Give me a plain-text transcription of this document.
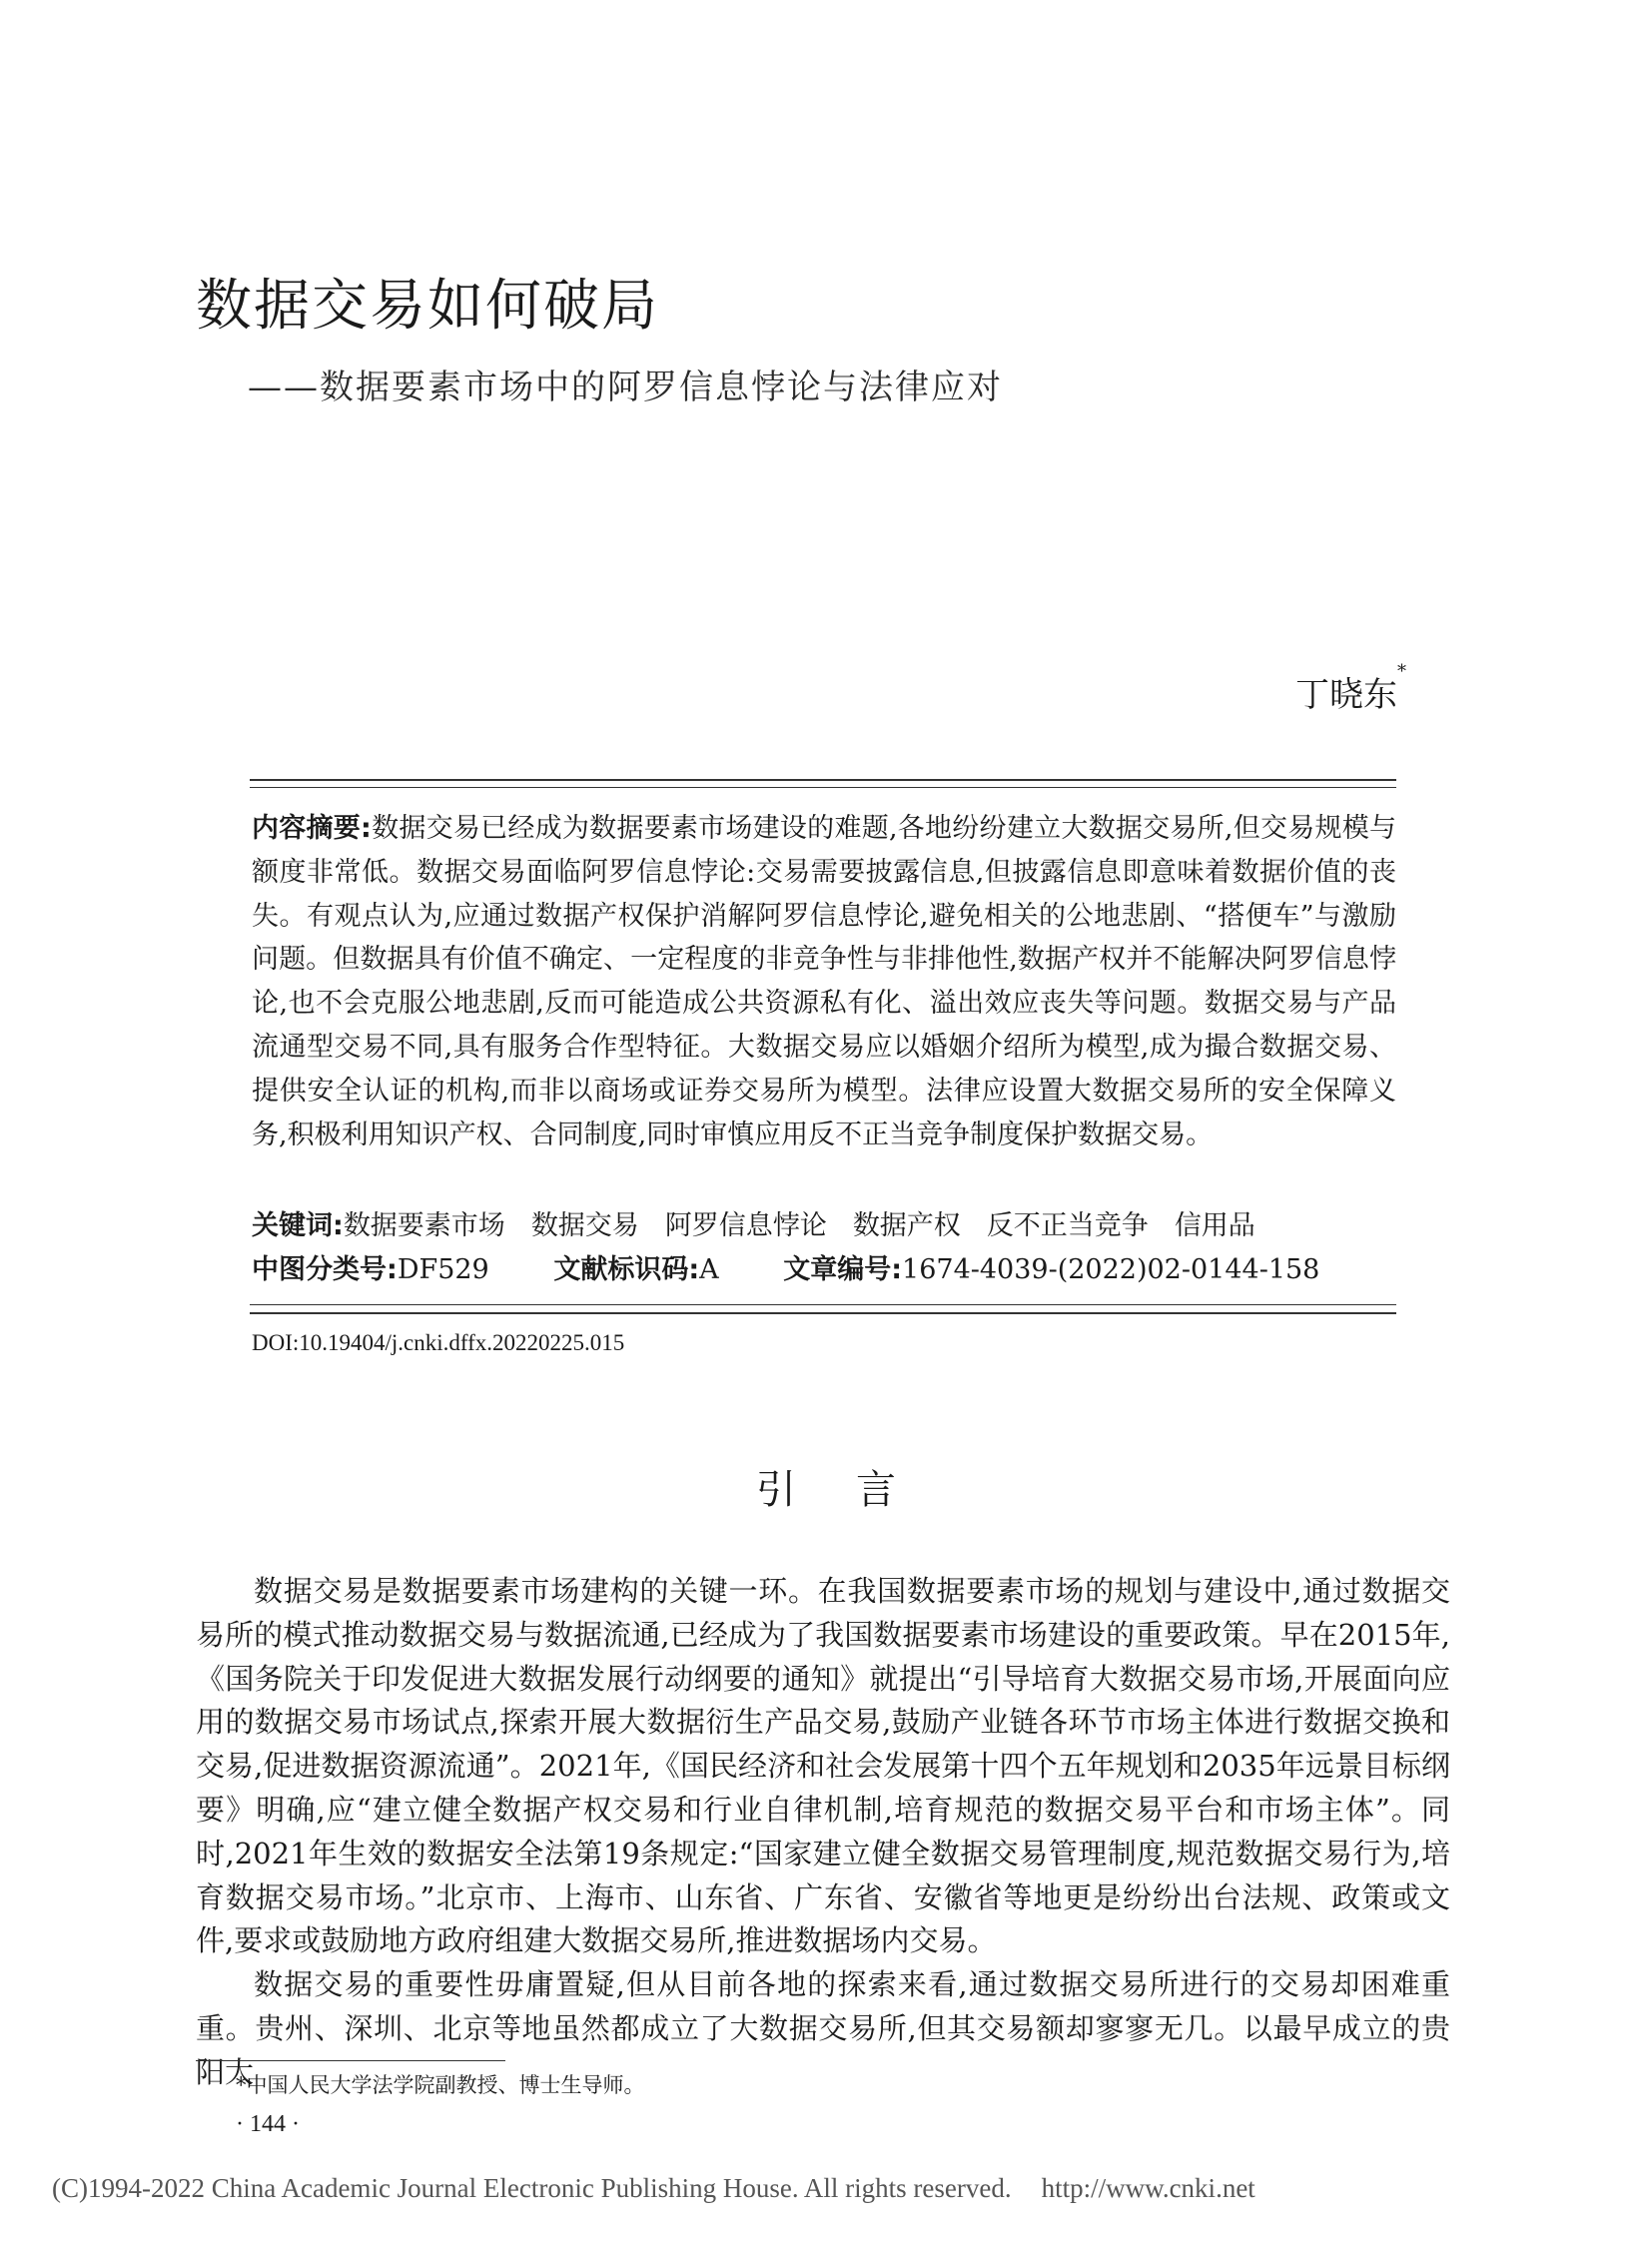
数据交易如何破局
——数据要素市场中的阿罗信息悖论与法律应对
丁晓东*
内容摘要:数据交易已经成为数据要素市场建设的难题,各地纷纷建立大数据交易所,但交易规模与额度非常低。数据交易面临阿罗信息悖论:交易需要披露信息,但披露信息即意味着数据价值的丧失。有观点认为,应通过数据产权保护消解阿罗信息悖论,避免相关的公地悲剧、“搭便车”与激励问题。但数据具有价值不确定、一定程度的非竞争性与非排他性,数据产权并不能解决阿罗信息悖论,也不会克服公地悲剧,反而可能造成公共资源私有化、溢出效应丧失等问题。数据交易与产品流通型交易不同,具有服务合作型特征。大数据交易应以婚姻介绍所为模型,成为撮合数据交易、提供安全认证的机构,而非以商场或证券交易所为模型。法律应设置大数据交易所的安全保障义务,积极利用知识产权、合同制度,同时审慎应用反不正当竞争制度保护数据交易。
关键词:数据要素市场 数据交易 阿罗信息悖论 数据产权 反不正当竞争 信用品
中图分类号:DF529 文献标识码:A 文章编号:1674-4039-(2022)02-0144-158
DOI:10.19404/j.cnki.dffx.20220225.015
引言

数据交易是数据要素市场建构的关键一环。在我国数据要素市场的规划与建设中,通过数据交易所的模式推动数据交易与数据流通,已经成为了我国数据要素市场建设的重要政策。早在2015年,《国务院关于印发促进大数据发展行动纲要的通知》就提出“引导培育大数据交易市场,开展面向应用的数据交易市场试点,探索开展大数据衍生产品交易,鼓励产业链各环节市场主体进行数据交换和交易,促进数据资源流通”。2021年,《国民经济和社会发展第十四个五年规划和2035年远景目标纲要》明确,应“建立健全数据产权交易和行业自律机制,培育规范的数据交易平台和市场主体”。同时,2021年生效的数据安全法第19条规定:“国家建立健全数据交易管理制度,规范数据交易行为,培育数据交易市场。”北京市、上海市、山东省、广东省、安徽省等地更是纷纷出台法规、政策或文件,要求或鼓励地方政府组建大数据交易所,推进数据场内交易。

数据交易的重要性毋庸置疑,但从目前各地的探索来看,通过数据交易所进行的交易却困难重重。贵州、深圳、北京等地虽然都成立了大数据交易所,但其交易额却寥寥无几。以最早成立的贵阳大

*中国人民大学法学院副教授、博士生导师。
· 144 ·
(C)1994-2022 China Academic Journal Electronic Publishing House. All rights reserved. http://www.cnki.net
